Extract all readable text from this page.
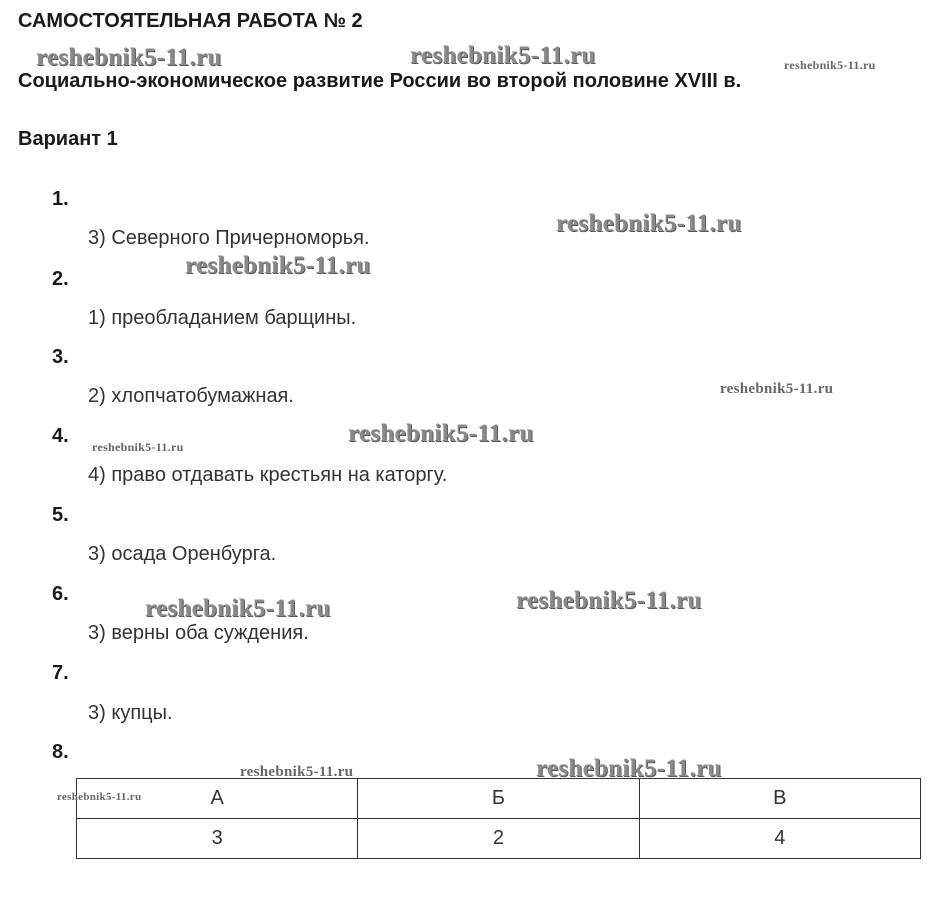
САМОСТОЯТЕЛЬНАЯ РАБОТА № 2
Социально-экономическое развитие России во второй половине XVIII в.
Вариант 1
1.
3) Северного Причерноморья.
2.
1) преобладанием барщины.
3.
2) хлопчатобумажная.
4.
4) право отдавать крестьян на каторгу.
5.
3) осада Оренбурга.
6.
3) верны оба суждения.
7.
3) купцы.
8.
А	Б	В
3	2	4
reshebnik5-11.ru	reshebnik5-11.ru	reshebnik5-11.ru
reshebnik5-11.ru
reshebnik5-11.ru
reshebnik5-11.ru
reshebnik5-11.ru	reshebnik5-11.ru
reshebnik5-11.ru
reshebnik5-11.ru
reshebnik5-11.ru	reshebnik5-11.ru
reshebnik5-11.ru
